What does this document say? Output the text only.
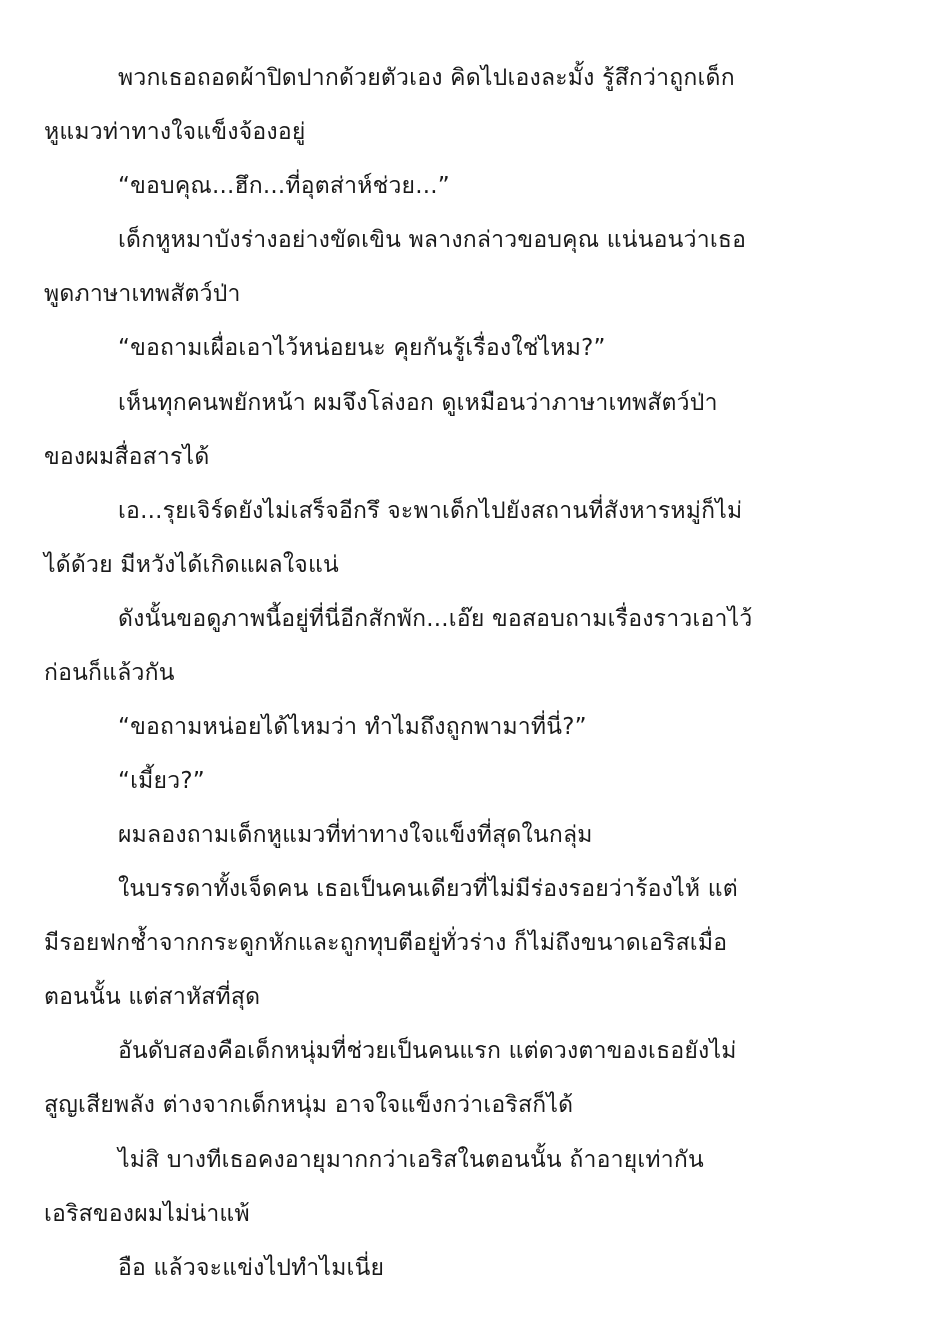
พวกเธอถอดผ้าปิดปากด้วยตัวเอง คิดไปเองละมั้ง รู้สึกว่าถูกเด็ก
หูแมวท่าทางใจแข็งจ้องอยู่
“ขอบคุณ...ฮึก...ที่อุตส่าห์ช่วย...”
เด็กหูหมาบังร่างอย่างขัดเขิน พลางกล่าวขอบคุณ แน่นอนว่าเธอ
พูดภาษาเทพสัตว์ป่า
“ขอถามเผื่อเอาไว้หน่อยนะ คุยกันรู้เรื่องใช่ไหม?”
เห็นทุกคนพยักหน้า ผมจึงโล่งอก ดูเหมือนว่าภาษาเทพสัตว์ป่า
ของผมสื่อสารได้
เอ...รุยเจิร์ดยังไม่เสร็จอีกรึ จะพาเด็กไปยังสถานที่สังหารหมู่ก็ไม่
ได้ด้วย มีหวังได้เกิดแผลใจแน่
ดังนั้นขอดูภาพนี้อยู่ที่นี่อีกสักพัก...เอ๊ย ขอสอบถามเรื่องราวเอาไว้
ก่อนก็แล้วกัน
“ขอถามหน่อยได้ไหมว่า ทำไมถึงถูกพามาที่นี่?”
“เมี้ยว?”
ผมลองถามเด็กหูแมวที่ท่าทางใจแข็งที่สุดในกลุ่ม
ในบรรดาทั้งเจ็ดคน เธอเป็นคนเดียวที่ไม่มีร่องรอยว่าร้องไห้ แต่
มีรอยฟกช้ำจากกระดูกหักและถูกทุบตีอยู่ทั่วร่าง ก็ไม่ถึงขนาดเอริสเมื่อ
ตอนนั้น แต่สาหัสที่สุด
อันดับสองคือเด็กหนุ่มที่ช่วยเป็นคนแรก แต่ดวงตาของเธอยังไม่
สูญเสียพลัง ต่างจากเด็กหนุ่ม อาจใจแข็งกว่าเอริสก็ได้
ไม่สิ บางทีเธอคงอายุมากกว่าเอริสในตอนนั้น ถ้าอายุเท่ากัน
เอริสของผมไม่น่าแพ้
อือ แล้วจะแข่งไปทำไมเนี่ย
